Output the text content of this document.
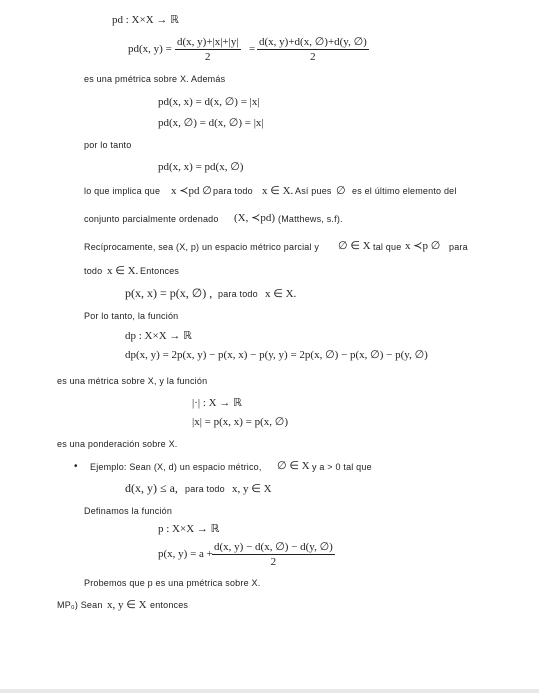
pd : X×X → ℝ
pd(x, $y) = \frac{d(x, y)+|x|+|y|}{2} = \frac{d(x, y)+d(x, \emptyset)+d(y, \emptyset)}{2}$
es una pmétrica sobre X. Además
pd(x, x) = d(x, ∅) = |x|
pd(x, ∅) = d(x, ∅) = |x|
por lo tanto
pd(x, x) = pd(x, ∅)
lo que implica que x ≺pd ∅ para todo x ∈ X. Así pues ∅ es el último elemento del
conjunto parcialmente ordenado (X, ≺pd) (Matthews, s.f).
Recíprocamente, sea (X, p) un espacio métrico parcial y ∅ ∈ X tal que x ≺p ∅ para
todo x ∈ X. Entonces
p(x, x) = p(x, ∅) , para todo x ∈ X.
Por lo tanto, la función
dp : X×X → ℝ
dp(x, y) = 2p(x, y) − p(x, x) − p(y, y) = 2p(x, ∅) − p(x, ∅) − p(y, ∅)
es una métrica sobre X, y la función
|·| : X → ℝ
|x| = p(x, x) = p(x, ∅)
es una ponderación sobre X.
• Ejemplo: Sean (X, d) un espacio métrico, ∅ ∈ X y a > 0 tal que
d(x, y) ≤ a, para todo x, y ∈ X
Definamos la función
p : X×X → ℝ
p(x, $y) = a + \frac{d(x, y) - d(x, \emptyset) - d(y, \emptyset)}{2}$
Probemos que p es una pmétrica sobre X.
MP₀) Sean x, y ∈ X entonces
